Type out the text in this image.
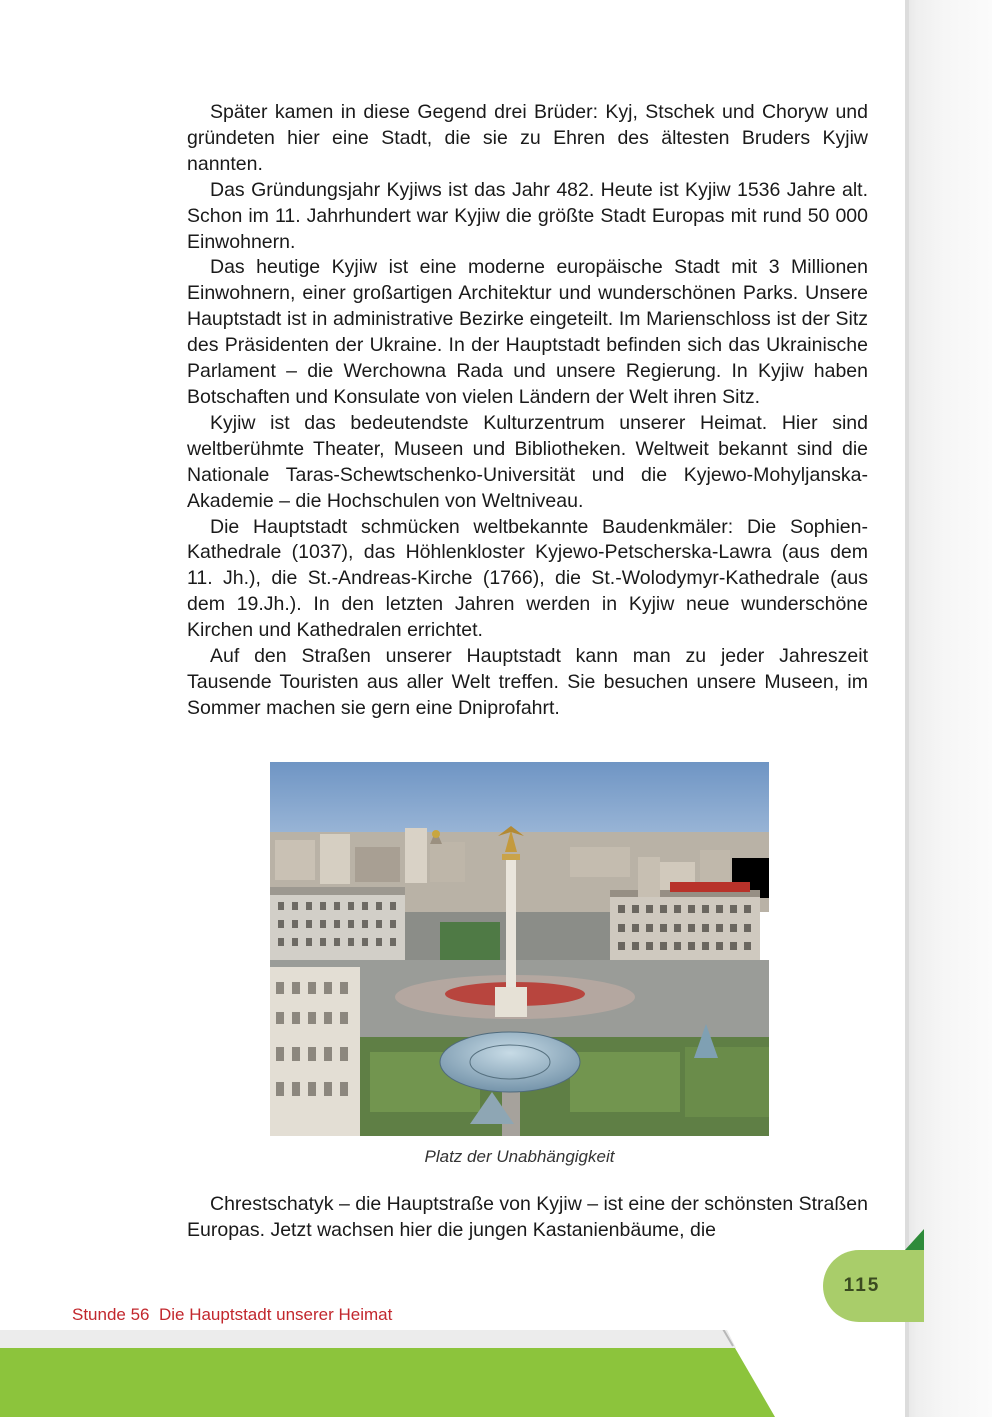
Später kamen in diese Gegend drei Brüder: Kyj, Stschek und Choryw und gründeten hier eine Stadt, die sie zu Ehren des ältesten Bruders Kyjiw nannten.

Das Gründungsjahr Kyjiws ist das Jahr 482. Heute ist Kyjiw 1536 Jahre alt. Schon im 11. Jahrhundert war Kyjiw die größte Stadt Europas mit rund 50 000 Einwohnern.

Das heutige Kyjiw ist eine moderne europäische Stadt mit 3 Millionen Einwohnern, einer großartigen Architektur und wunderschönen Parks. Unsere Hauptstadt ist in administrative Bezirke eingeteilt. Im Marienschloss ist der Sitz des Präsidenten der Ukraine. In der Hauptstadt befinden sich das Ukrainische Parlament – die Werchowna Rada und unsere Regierung. In Kyjiw haben Botschaften und Konsulate von vielen Ländern der Welt ihren Sitz.

Kyjiw ist das bedeutendste Kulturzentrum unserer Heimat. Hier sind weltberühmte Theater, Museen und Bibliotheken. Weltweit bekannt sind die Nationale Taras-Schewtschenko-Universität und die Kyjewo-Mohyljanska-Akademie – die Hochschulen von Weltniveau.

Die Hauptstadt schmücken weltbekannte Baudenkmäler: Die Sophien-Kathedrale (1037), das Höhlenkloster Kyjewo-Petscherska-Lawra (aus dem 11. Jh.), die St.-Andreas-Kirche (1766), die St.-Wolodymyr-Kathedrale (aus dem 19.Jh.). In den letzten Jahren werden in Kyjiw neue wunderschöne Kirchen und Kathedralen errichtet.

Auf den Straßen unserer Hauptstadt kann man zu jeder Jahreszeit Tausende Touristen aus aller Welt treffen. Sie besuchen unsere Museen, im Sommer machen sie gern eine Dniprofahrt.

Platz der Unabhängigkeit

Chrestschatyk – die Hauptstraße von Kyjiw – ist eine der schönsten Straßen Europas. Jetzt wachsen hier die jungen Kastanienbäume, die

Stunde 56 Die Hauptstadt unserer Heimat
115
